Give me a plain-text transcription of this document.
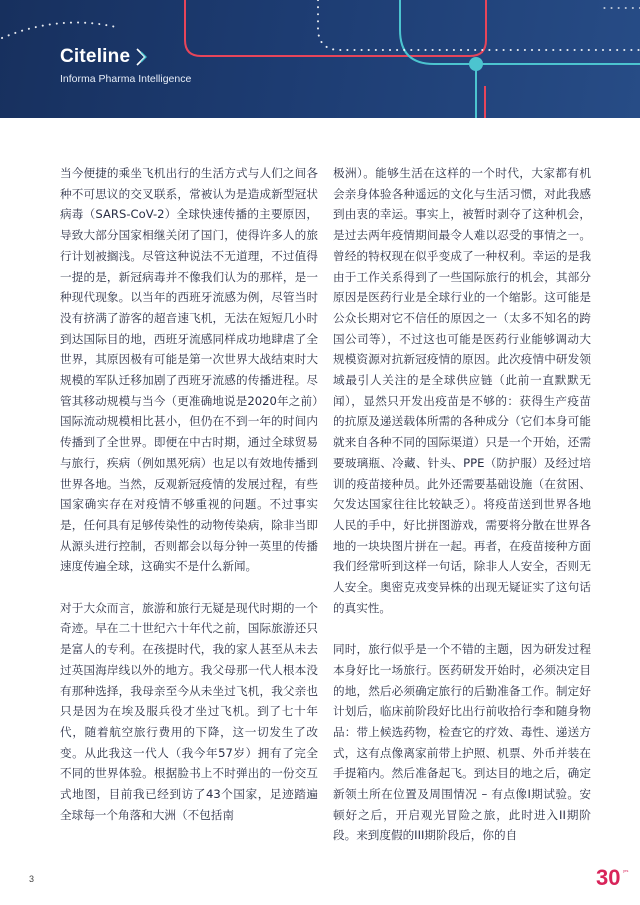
Citeline
Informa Pharma Intelligence

当今便捷的乘坐飞机出行的生活方式与人们之间各种不可思议的交叉联系，常被认为是造成新型冠状病毒（SARS-CoV-2）全球快速传播的主要原因，导致大部分国家相继关闭了国门，使得许多人的旅行计划被搁浅。尽管这种说法不无道理，不过值得一提的是，新冠病毒并不像我们认为的那样，是一种现代现象。以当年的西班牙流感为例，尽管当时没有挤满了游客的超音速飞机，无法在短短几小时到达国际目的地，西班牙流感同样成功地肆虐了全世界，其原因极有可能是第一次世界大战结束时大规模的军队迁移加剧了西班牙流感的传播进程。尽管其移动规模与当今（更准确地说是2020年之前）国际流动规模相比甚小，但仍在不到一年的时间内传播到了全世界。即便在中古时期，通过全球贸易与旅行，疾病（例如黑死病）也足以有效地传播到世界各地。当然，反观新冠疫情的发展过程，有些国家确实存在对疫情不够重视的问题。不过事实是，任何具有足够传染性的动物传染病，除非当即从源头进行控制，否则都会以每分钟一英里的传播速度传遍全球，这确实不是什么新闻。

对于大众而言，旅游和旅行无疑是现代时期的一个奇迹。早在二十世纪六十年代之前，国际旅游还只是富人的专利。在孩提时代，我的家人甚至从未去过英国海岸线以外的地方。我父母那一代人根本没有那种选择，我母亲至今从未坐过飞机，我父亲也只是因为在埃及服兵役才坐过飞机。到了七十年代，随着航空旅行费用的下降，这一切发生了改变。从此我这一代人（我今年57岁）拥有了完全不同的世界体验。根据脸书上不时弹出的一份交互式地图，目前我已经到访了43个国家，足迹踏遍全球每一个角落和大洲（不包括南

极洲）。能够生活在这样的一个时代，大家都有机会亲身体验各种遥远的文化与生活习惯，对此我感到由衷的幸运。事实上，被暂时剥夺了这种机会，是过去两年疫情期间最令人难以忍受的事情之一。曾经的特权现在似乎变成了一种权利。幸运的是我由于工作关系得到了一些国际旅行的机会，其部分原因是医药行业是全球行业的一个缩影。这可能是公众长期对它不信任的原因之一（太多不知名的跨国公司等），不过这也可能是医药行业能够调动大规模资源对抗新冠疫情的原因。此次疫情中研发领域最引人关注的是全球供应链（此前一直默默无闻），显然只开发出疫苗是不够的：获得生产疫苗的抗原及递送载体所需的各种成分（它们本身可能就来自各种不同的国际渠道）只是一个开始，还需要玻璃瓶、冷藏、针头、PPE（防护服）及经过培训的疫苗接种员。此外还需要基础设施（在贫困、欠发达国家往往比较缺乏）。将疫苗送到世界各地人民的手中，好比拼图游戏，需要将分散在世界各地的一块块图片拼在一起。再者，在疫苗接种方面我们经常听到这样一句话，除非人人安全，否则无人安全。奥密克戎变异株的出现无疑证实了这句话的真实性。

同时，旅行似乎是一个不错的主题，因为研发过程本身好比一场旅行。医药研发开始时，必须决定目的地，然后必须确定旅行的后勤准备工作。制定好计划后，临床前阶段好比出行前收拾行李和随身物品：带上候选药物，检查它的疗效、毒性、递送方式，这有点像离家前带上护照、机票、外币并装在手提箱内。然后准备起飞。到达目的地之后，确定新领土所在位置及周围情况 – 有点像I期试验。安顿好之后，开启观光冒险之旅，此时进入II期阶段。来到度假的III期阶段后，你的自

3	30 yrs
